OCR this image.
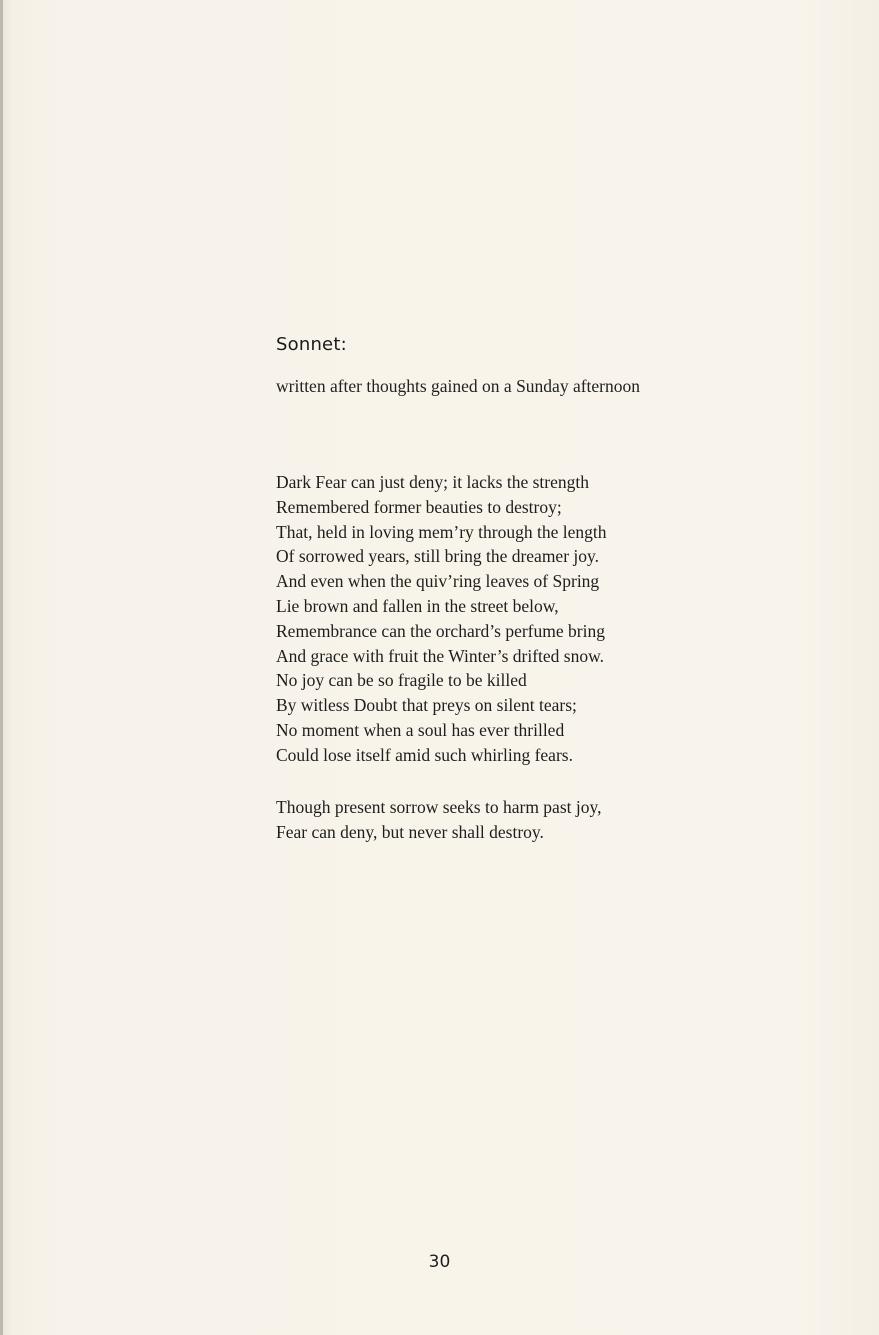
Sonnet:

written after thoughts gained on a Sunday afternoon

Dark Fear can just deny; it lacks the strength
Remembered former beauties to destroy;
That, held in loving mem’ry through the length
Of sorrowed years, still bring the dreamer joy.
And even when the quiv’ring leaves of Spring
Lie brown and fallen in the street below,
Remembrance can the orchard’s perfume bring
And grace with fruit the Winter’s drifted snow.
No joy can be so fragile to be killed
By witless Doubt that preys on silent tears;
No moment when a soul has ever thrilled
Could lose itself amid such whirling fears.
Though present sorrow seeks to harm past joy,
Fear can deny, but never shall destroy.

30
